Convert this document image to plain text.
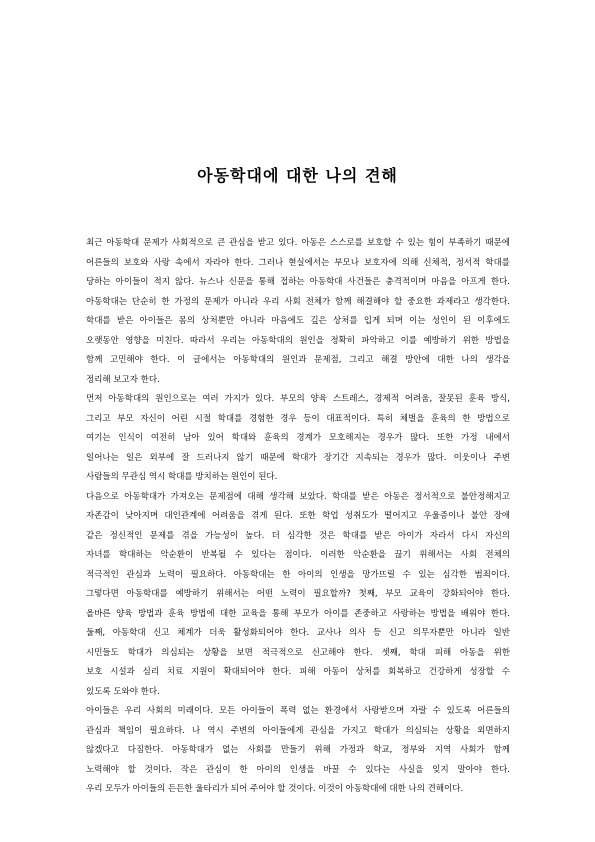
아동학대에 대한 나의 견해
최근 아동학대 문제가 사회적으로 큰 관심을 받고 있다. 아동은 스스로를 보호할 수 있는 힘이 부족하기 때문에
어른들의 보호와 사랑 속에서 자라야 한다. 그러나 현실에서는 부모나 보호자에 의해 신체적, 정서적 학대를
당하는 아이들이 적지 않다. 뉴스나 신문을 통해 접하는 아동학대 사건들은 충격적이며 마음을 아프게 한다.
아동학대는 단순히 한 가정의 문제가 아니라 우리 사회 전체가 함께 해결해야 할 중요한 과제라고 생각한다.
학대를 받은 아이들은 몸의 상처뿐만 아니라 마음에도 깊은 상처를 입게 되며 이는 성인이 된 이후에도
오랫동안 영향을 미친다. 따라서 우리는 아동학대의 원인을 정확히 파악하고 이를 예방하기 위한 방법을
함께 고민해야 한다. 이 글에서는 아동학대의 원인과 문제점, 그리고 해결 방안에 대한 나의 생각을
정리해 보고자 한다.
먼저 아동학대의 원인으로는 여러 가지가 있다. 부모의 양육 스트레스, 경제적 어려움, 잘못된 훈육 방식,
그리고 부모 자신이 어린 시절 학대를 경험한 경우 등이 대표적이다. 특히 체벌을 훈육의 한 방법으로
여기는 인식이 여전히 남아 있어 학대와 훈육의 경계가 모호해지는 경우가 많다. 또한 가정 내에서
일어나는 일은 외부에 잘 드러나지 않기 때문에 학대가 장기간 지속되는 경우가 많다. 이웃이나 주변
사람들의 무관심 역시 학대를 방치하는 원인이 된다.
다음으로 아동학대가 가져오는 문제점에 대해 생각해 보았다. 학대를 받은 아동은 정서적으로 불안정해지고
자존감이 낮아지며 대인관계에 어려움을 겪게 된다. 또한 학업 성취도가 떨어지고 우울증이나 불안 장애
같은 정신적인 문제를 겪을 가능성이 높다. 더 심각한 것은 학대를 받은 아이가 자라서 다시 자신의
자녀를 학대하는 악순환이 반복될 수 있다는 점이다. 이러한 악순환을 끊기 위해서는 사회 전체의
적극적인 관심과 노력이 필요하다. 아동학대는 한 아이의 인생을 망가뜨릴 수 있는 심각한 범죄이다.
그렇다면 아동학대를 예방하기 위해서는 어떤 노력이 필요할까? 첫째, 부모 교육이 강화되어야 한다.
올바른 양육 방법과 훈육 방법에 대한 교육을 통해 부모가 아이를 존중하고 사랑하는 방법을 배워야 한다.
둘째, 아동학대 신고 체계가 더욱 활성화되어야 한다. 교사나 의사 등 신고 의무자뿐만 아니라 일반
시민들도 학대가 의심되는 상황을 보면 적극적으로 신고해야 한다. 셋째, 학대 피해 아동을 위한
보호 시설과 심리 치료 지원이 확대되어야 한다. 피해 아동이 상처를 회복하고 건강하게 성장할 수
있도록 도와야 한다.
아이들은 우리 사회의 미래이다. 모든 아이들이 폭력 없는 환경에서 사랑받으며 자랄 수 있도록 어른들의
관심과 책임이 필요하다. 나 역시 주변의 아이들에게 관심을 가지고 학대가 의심되는 상황을 외면하지
않겠다고 다짐한다. 아동학대가 없는 사회를 만들기 위해 가정과 학교, 정부와 지역 사회가 함께
노력해야 할 것이다. 작은 관심이 한 아이의 인생을 바꿀 수 있다는 사실을 잊지 말아야 한다.
우리 모두가 아이들의 든든한 울타리가 되어 주어야 할 것이다. 이것이 아동학대에 대한 나의 견해이다.
